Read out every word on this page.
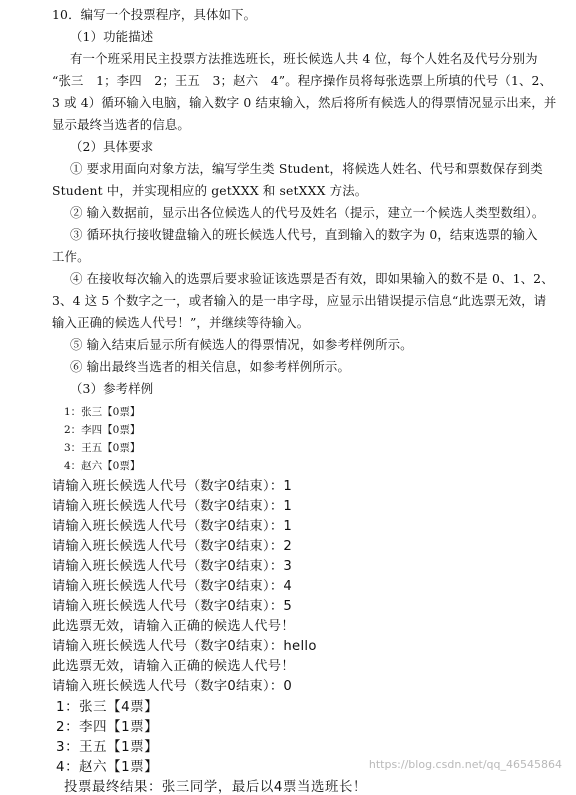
10．编写一个投票程序，具体如下。
（1）功能描述
有一个班采用民主投票方法推选班长，班长候选人共 4 位，每个人姓名及代号分别为
“张三　1；李四　2；王五　3；赵六　4”。程序操作员将每张选票上所填的代号（1、2、
3 或 4）循环输入电脑，输入数字 0 结束输入，然后将所有候选人的得票情况显示出来，并
显示最终当选者的信息。
（2）具体要求
① 要求用面向对象方法，编写学生类 Student，将候选人姓名、代号和票数保存到类
Student 中，并实现相应的 getXXX 和 setXXX 方法。
② 输入数据前，显示出各位候选人的代号及姓名（提示，建立一个候选人类型数组）。
③ 循环执行接收键盘输入的班长候选人代号，直到输入的数字为 0，结束选票的输入
工作。
④ 在接收每次输入的选票后要求验证该选票是否有效，即如果输入的数不是 0、1、2、
3、4 这 5 个数字之一，或者输入的是一串字母，应显示出错误提示信息“此选票无效，请
输入正确的候选人代号！”，并继续等待输入。
⑤ 输入结束后显示所有候选人的得票情况，如参考样例所示。
⑥ 输出最终当选者的相关信息，如参考样例所示。
（3）参考样例
1：张三【0票】
2：李四【0票】
3：王五【0票】
4：赵六【0票】
请输入班长候选人代号（数字0结束）：1
请输入班长候选人代号（数字0结束）：1
请输入班长候选人代号（数字0结束）：1
请输入班长候选人代号（数字0结束）：2
请输入班长候选人代号（数字0结束）：3
请输入班长候选人代号（数字0结束）：4
请输入班长候选人代号（数字0结束）：5
此选票无效，请输入正确的候选人代号！
请输入班长候选人代号（数字0结束）：hello
此选票无效，请输入正确的候选人代号！
请输入班长候选人代号（数字0结束）：0
1：张三【4票】
2：李四【1票】
3：王五【1票】
4：赵六【1票】
投票最终结果：张三同学，最后以4票当选班长！
https://blog.csdn.net/qq_46545864
